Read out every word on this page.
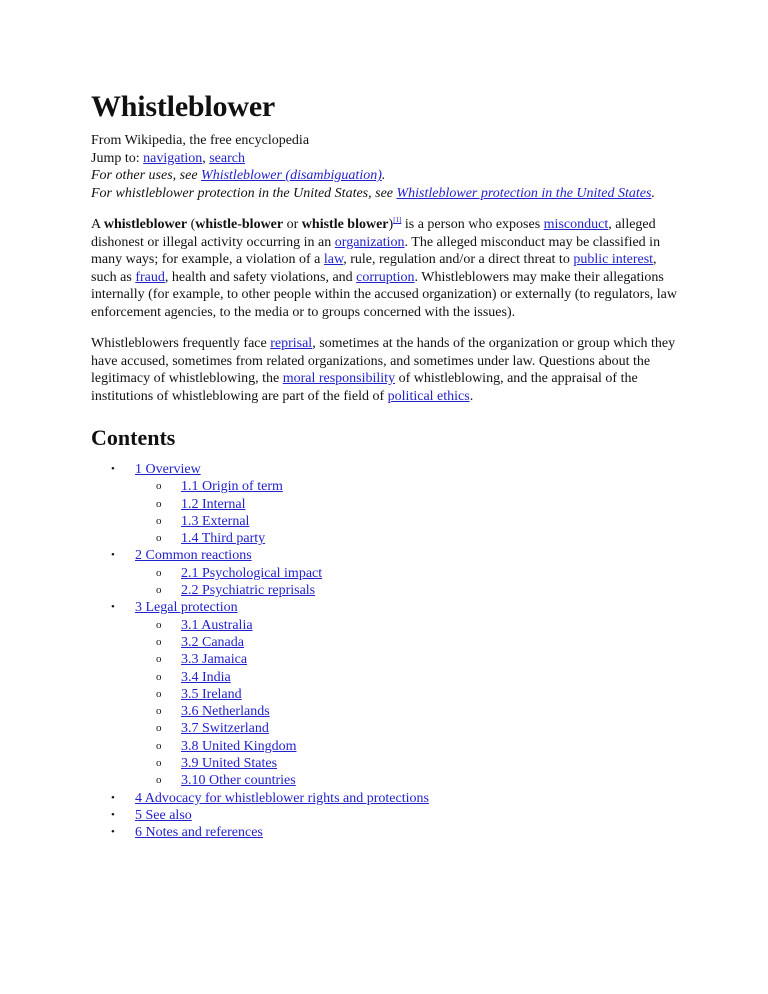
Whistleblower
From Wikipedia, the free encyclopedia
Jump to: navigation, search
For other uses, see Whistleblower (disambiguation).
For whistleblower protection in the United States, see Whistleblower protection in the United States.

A whistleblower (whistle-blower or whistle blower)[1] is a person who exposes misconduct, alleged dishonest or illegal activity occurring in an organization. The alleged misconduct may be classified in many ways; for example, a violation of a law, rule, regulation and/or a direct threat to public interest, such as fraud, health and safety violations, and corruption. Whistleblowers may make their allegations internally (for example, to other people within the accused organization) or externally (to regulators, law enforcement agencies, to the media or to groups concerned with the issues).

Whistleblowers frequently face reprisal, sometimes at the hands of the organization or group which they have accused, sometimes from related organizations, and sometimes under law. Questions about the legitimacy of whistleblowing, the moral responsibility of whistleblowing, and the appraisal of the institutions of whistleblowing are part of the field of political ethics.

Contents
• 1 Overview
o 1.1 Origin of term
o 1.2 Internal
o 1.3 External
o 1.4 Third party
• 2 Common reactions
o 2.1 Psychological impact
o 2.2 Psychiatric reprisals
• 3 Legal protection
o 3.1 Australia
o 3.2 Canada
o 3.3 Jamaica
o 3.4 India
o 3.5 Ireland
o 3.6 Netherlands
o 3.7 Switzerland
o 3.8 United Kingdom
o 3.9 United States
o 3.10 Other countries
• 4 Advocacy for whistleblower rights and protections
• 5 See also
• 6 Notes and references
